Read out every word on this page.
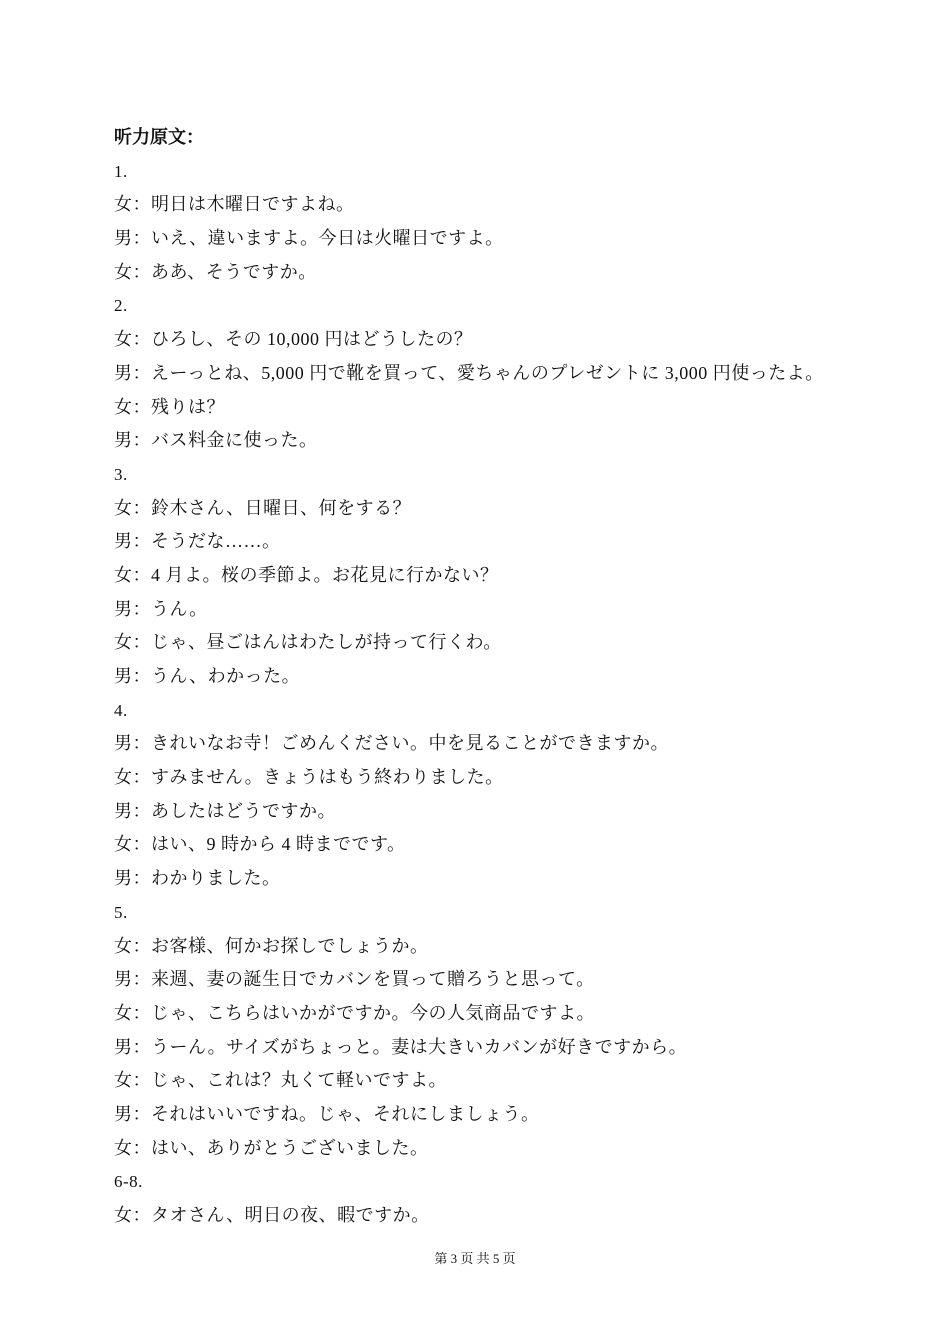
听力原文：
1.
女：明日は木曜日ですよね。
男：いえ、違いますよ。今日は火曜日ですよ。
女：ああ、そうですか。
2.
女：ひろし、その 10,000 円はどうしたの？
男：えーっとね、5,000 円で靴を買って、愛ちゃんのプレゼントに 3,000 円使ったよ。
女：残りは？
男：バス料金に使った。
3.
女：鈴木さん、日曜日、何をする？
男：そうだな……。
女：4 月よ。桜の季節よ。お花見に行かない？
男：うん。
女：じゃ、昼ごはんはわたしが持って行くわ。
男：うん、わかった。
4.
男：きれいなお寺！ごめんください。中を見ることができますか。
女：すみません。きょうはもう終わりました。
男：あしたはどうですか。
女：はい、9 時から 4 時までです。
男：わかりました。
5.
女：お客様、何かお探しでしょうか。
男：来週、妻の誕生日でカバンを買って贈ろうと思って。
女：じゃ、こちらはいかがですか。今の人気商品ですよ。
男：うーん。サイズがちょっと。妻は大きいカバンが好きですから。
女：じゃ、これは？丸くて軽いですよ。
男：それはいいですね。じゃ、それにしましょう。
女：はい、ありがとうございました。
6-8.
女：タオさん、明日の夜、暇ですか。
第 3 页 共 5 页
